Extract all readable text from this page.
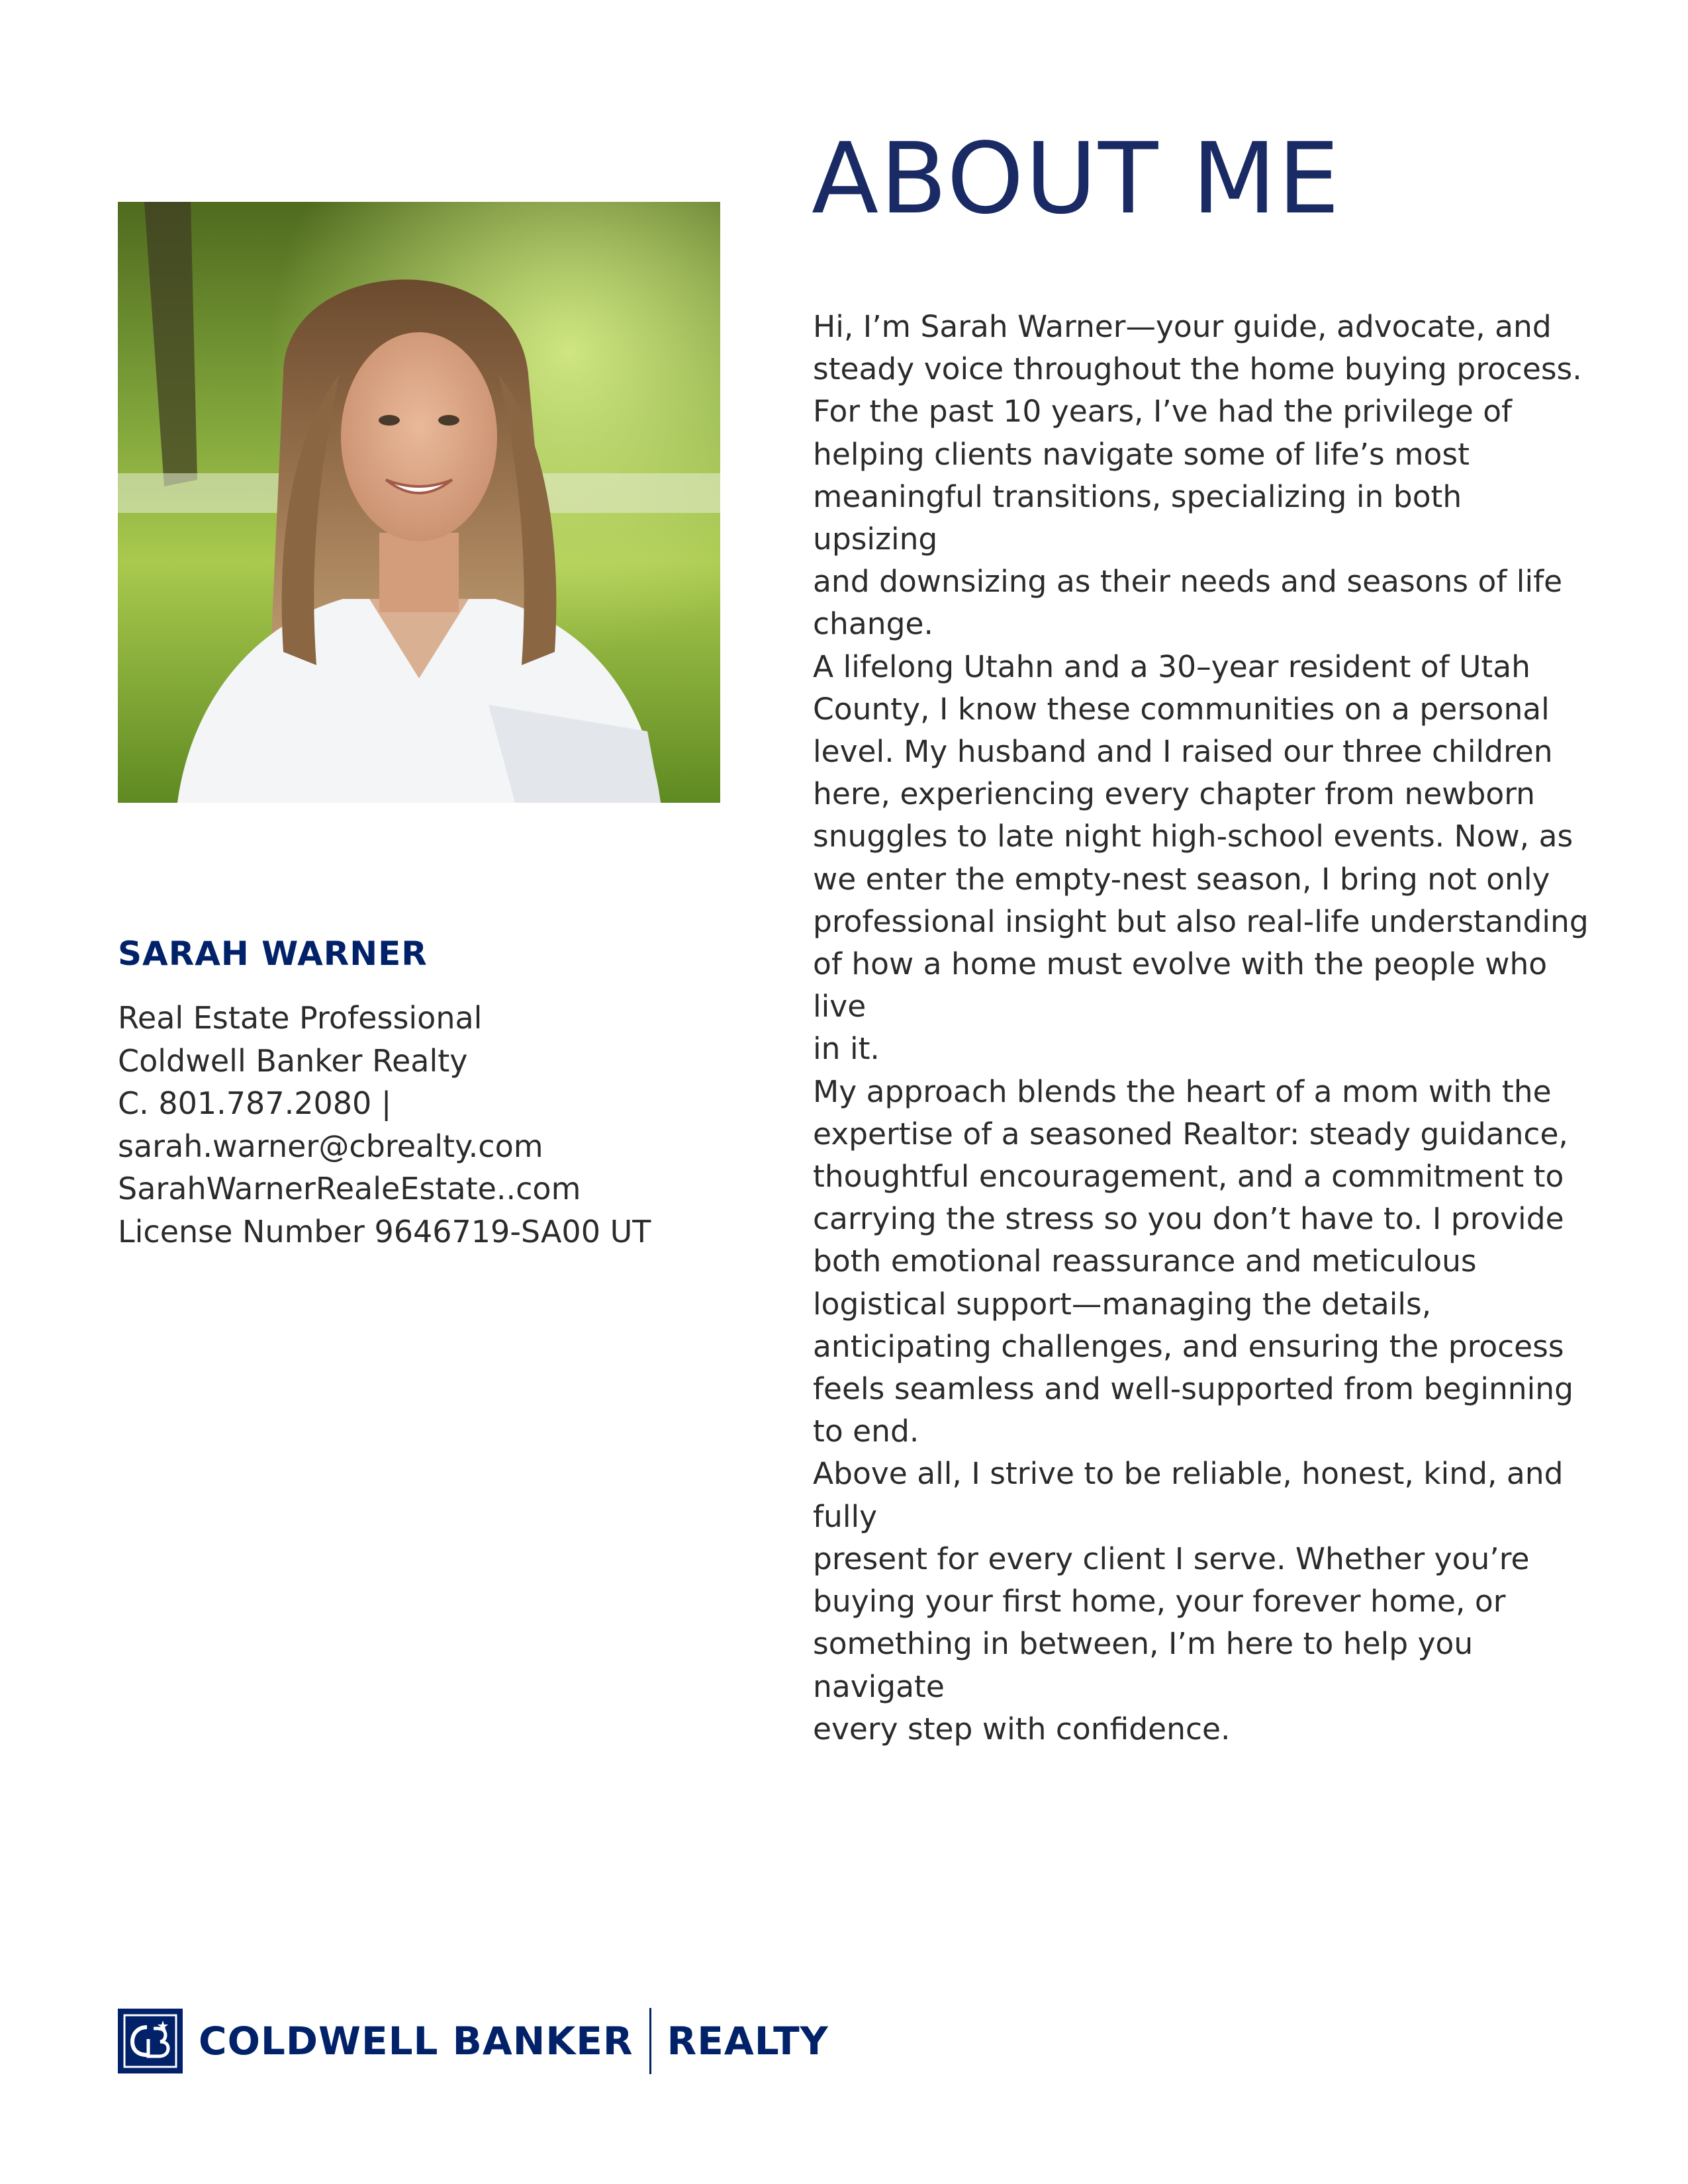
SARAH WARNER
Real Estate Professional
Coldwell Banker Realty
C. 801.787.2080 |
sarah.warner@cbrealty.com
SarahWarnerRealeEstate..com
License Number 9646719-SA00 UT
ABOUT ME

Hi, I’m Sarah Warner—your guide, advocate, and
steady voice throughout the home buying process.
For the past 10 years, I’ve had the privilege of
helping clients navigate some of life’s most
meaningful transitions, specializing in both upsizing
and downsizing as their needs and seasons of life
change.

A lifelong Utahn and a 30–year resident of Utah
County, I know these communities on a personal
level. My husband and I raised our three children
here, experiencing every chapter from newborn
snuggles to late night high-school events. Now, as
we enter the empty-nest season, I bring not only
professional insight but also real-life understanding
of how a home must evolve with the people who live
in it.

My approach blends the heart of a mom with the
expertise of a seasoned Realtor: steady guidance,
thoughtful encouragement, and a commitment to
carrying the stress so you don’t have to. I provide
both emotional reassurance and meticulous
logistical support—managing the details,
anticipating challenges, and ensuring the process
feels seamless and well-supported from beginning
to end.

Above all, I strive to be reliable, honest, kind, and fully
present for every client I serve. Whether you’re
buying your first home, your forever home, or
something in between, I’m here to help you navigate
every step with confidence.

COLDWELL BANKER REALTY
